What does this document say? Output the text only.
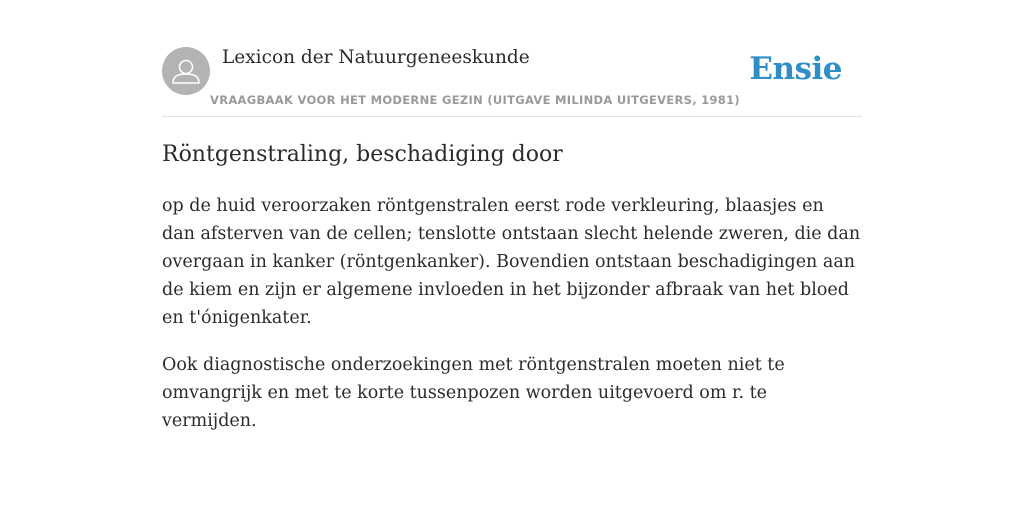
Lexicon der Natuurgeneeskunde
VRAAGBAAK VOOR HET MODERNE GEZIN (UITGAVE MILINDA UITGEVERS, 1981)
Ensie
Röntgenstraling, beschadiging door

op de huid veroorzaken röntgenstralen eerst rode verkleuring, blaasjes en dan afsterven van de cellen; tenslotte ontstaan slecht helende zweren, die dan overgaan in kanker (röntgenkanker). Bovendien ontstaan beschadigingen aan de kiem en zijn er algemene invloeden in het bijzonder afbraak van het bloed en t'ónigenkater.

Ook diagnostische onderzoekingen met röntgenstralen moeten niet te omvangrijk en met te korte tussenpozen worden uitgevoerd om r. te vermijden.
